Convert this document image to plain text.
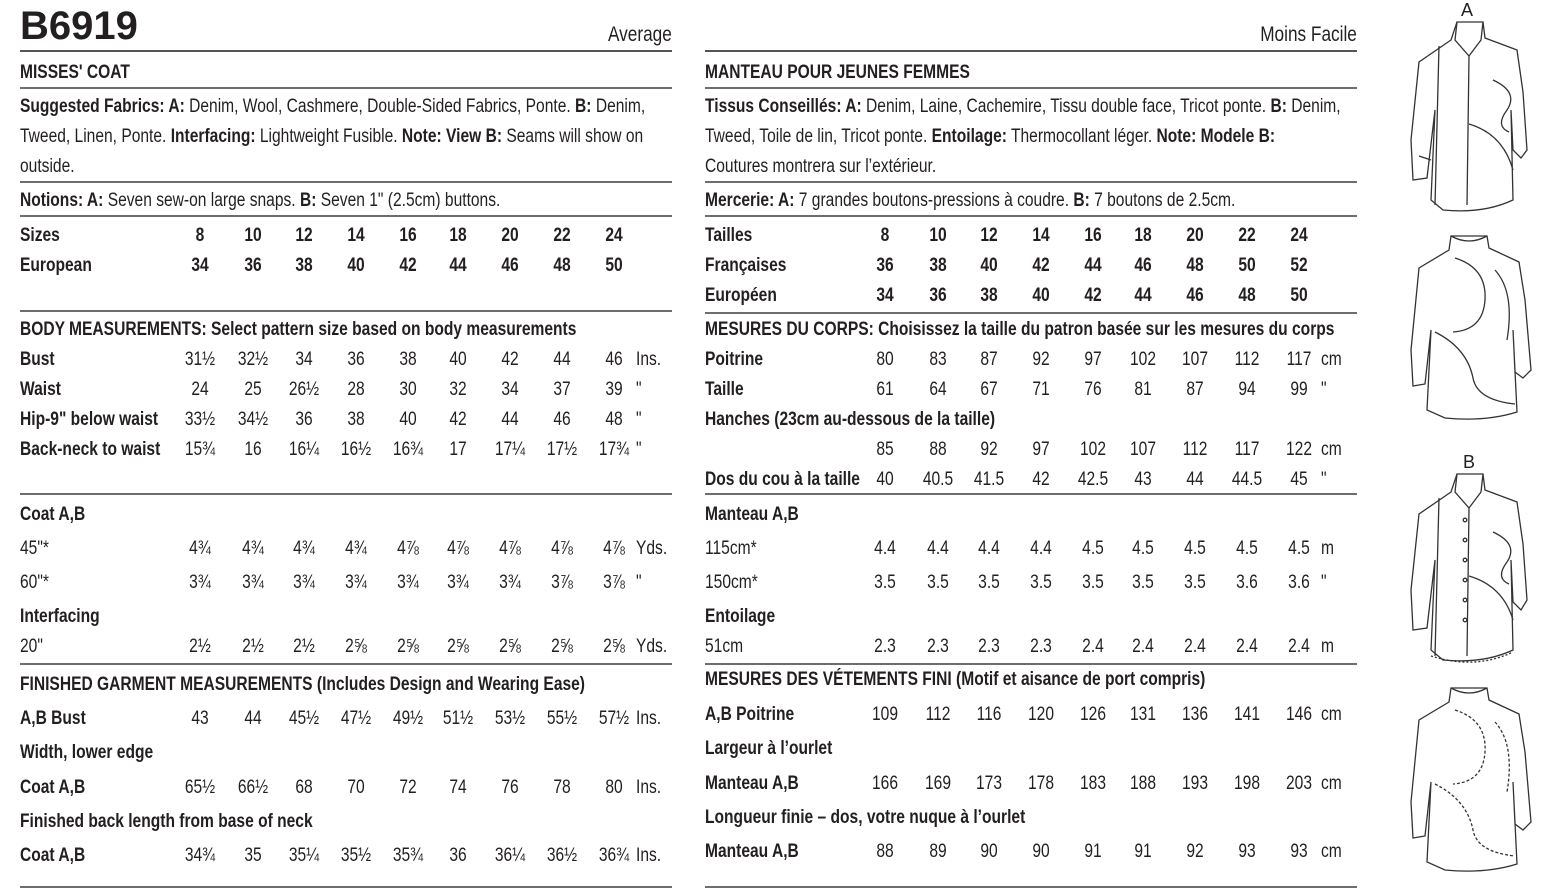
B6919	Average
MISSES' COAT
Suggested Fabrics: A: Denim, Wool, Cashmere, Double-Sided Fabrics, Ponte. B: Denim,
Tweed, Linen, Ponte. Interfacing: Lightweight Fusible. Note: View B: Seams will show on
outside.
Notions: A: Seven sew-on large snaps. B: Seven 1" (2.5cm) buttons.
Sizes	8 10 12 14 16 18 20 22 24
European	34 36 38 40 42 44 46 48 50
BODY MEASUREMENTS: Select pattern size based on body measurements
Bust	31½ 32½ 34 36 38 40 42 44 46 Ins.
Waist	24 25 26½ 28 30 32 34 37 39 "
Hip-9" below waist 33½ 34½ 36 38 40 42 44 46 48 "
Back-neck to waist 15¾ 16 16¼ 16½ 16¾ 17 17¼ 17½ 17¾ "
Coat A,B
45"*	4¾ 4¾ 4¾ 4¾ 4⅞ 4⅞ 4⅞ 4⅞ 4⅞ Yds.
60"*	3¾ 3¾ 3¾ 3¾ 3¾ 3¾ 3¾ 3⅞ 3⅞ "
Interfacing
20"	2½ 2½ 2½ 2⅝ 2⅝ 2⅝ 2⅝ 2⅝ 2⅝ Yds.
FINISHED GARMENT MEASUREMENTS (Includes Design and Wearing Ease)
A,B Bust	43 44 45½ 47½ 49½ 51½ 53½ 55½ 57½ Ins.
Width, lower edge
Coat A,B	65½ 66½ 68 70 72 74 76 78 80 Ins.
Finished back length from base of neck
Coat A,B	34¾ 35 35¼ 35½ 35¾ 36 36¼ 36½ 36¾ Ins.
Moins Facile
MANTEAU POUR JEUNES FEMMES
Tissus Conseillés: A: Denim, Laine, Cachemire, Tissu double face, Tricot ponte. B: Denim,
Tweed, Toile de lin, Tricot ponte. Entoilage: Thermocollant léger. Note: Modele B:
Coutures montrera sur l’extérieur.
Mercerie: A: 7 grandes boutons-pressions à coudre. B: 7 boutons de 2.5cm.
Tailles	8 10 12 14 16 18 20 22 24
Françaises	36 38 40 42 44 46 48 50 52
Européen	34 36 38 40 42 44 46 48 50
MESURES DU CORPS: Choisissez la taille du patron basée sur les mesures du corps
Poitrine	80 83 87 92 97 102 107 112 117 cm
Taille	61 64 67 71 76 81 87 94 99 "
Hanches (23cm au-dessous de la taille)
85 88 92 97 102 107 112 117 122 cm
Dos du cou à la taille 40 40.5 41.5 42 42.5 43 44 44.5 45 "
Manteau A,B
115cm*	4.4 4.4 4.4 4.4 4.5 4.5 4.5 4.5 4.5 m
150cm*	3.5 3.5 3.5 3.5 3.5 3.5 3.5 3.6 3.6 "
Entoilage
51cm	2.3 2.3 2.3 2.3 2.4 2.4 2.4 2.4 2.4 m
MESURES DES VÉTEMENTS FINI (Motif et aisance de port compris)
A,B Poitrine	109 112 116 120 126 131 136 141 146 cm
Largeur à l’ourlet
Manteau A,B	166 169 173 178 183 188 193 198 203 cm
Longueur finie – dos, votre nuque à l’ourlet
Manteau A,B	88 89 90 90 91 91 92 93 93 cm
A
B
